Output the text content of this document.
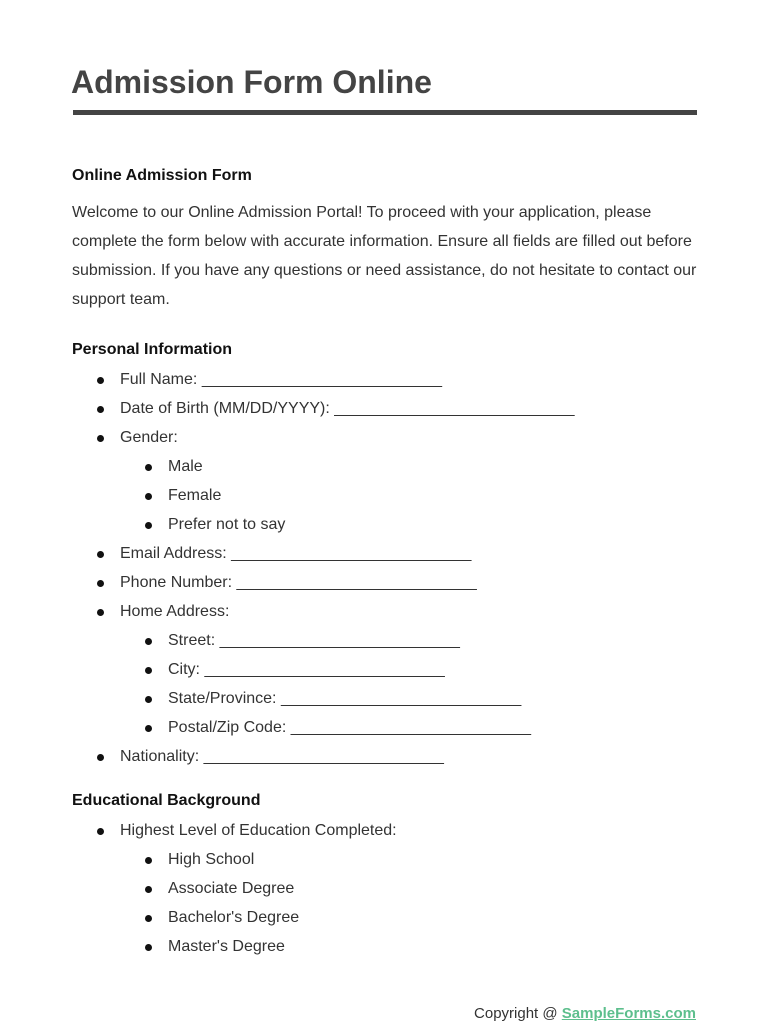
Admission Form Online
Online Admission Form

Welcome to our Online Admission Portal! To proceed with your application, please complete the form below with accurate information. Ensure all fields are filled out before submission. If you have any questions or need assistance, do not hesitate to contact our support team.

Personal Information
Full Name: ___________________________
Date of Birth (MM/DD/YYYY): ___________________________
Gender:
Male
Female
Prefer not to say
Email Address: ___________________________
Phone Number: ___________________________
Home Address:
Street: ___________________________
City: ___________________________
State/Province: ___________________________
Postal/Zip Code: ___________________________
Nationality: ___________________________
Educational Background
Highest Level of Education Completed:
High School
Associate Degree
Bachelor's Degree
Master's Degree
Copyright @ SampleForms.com
